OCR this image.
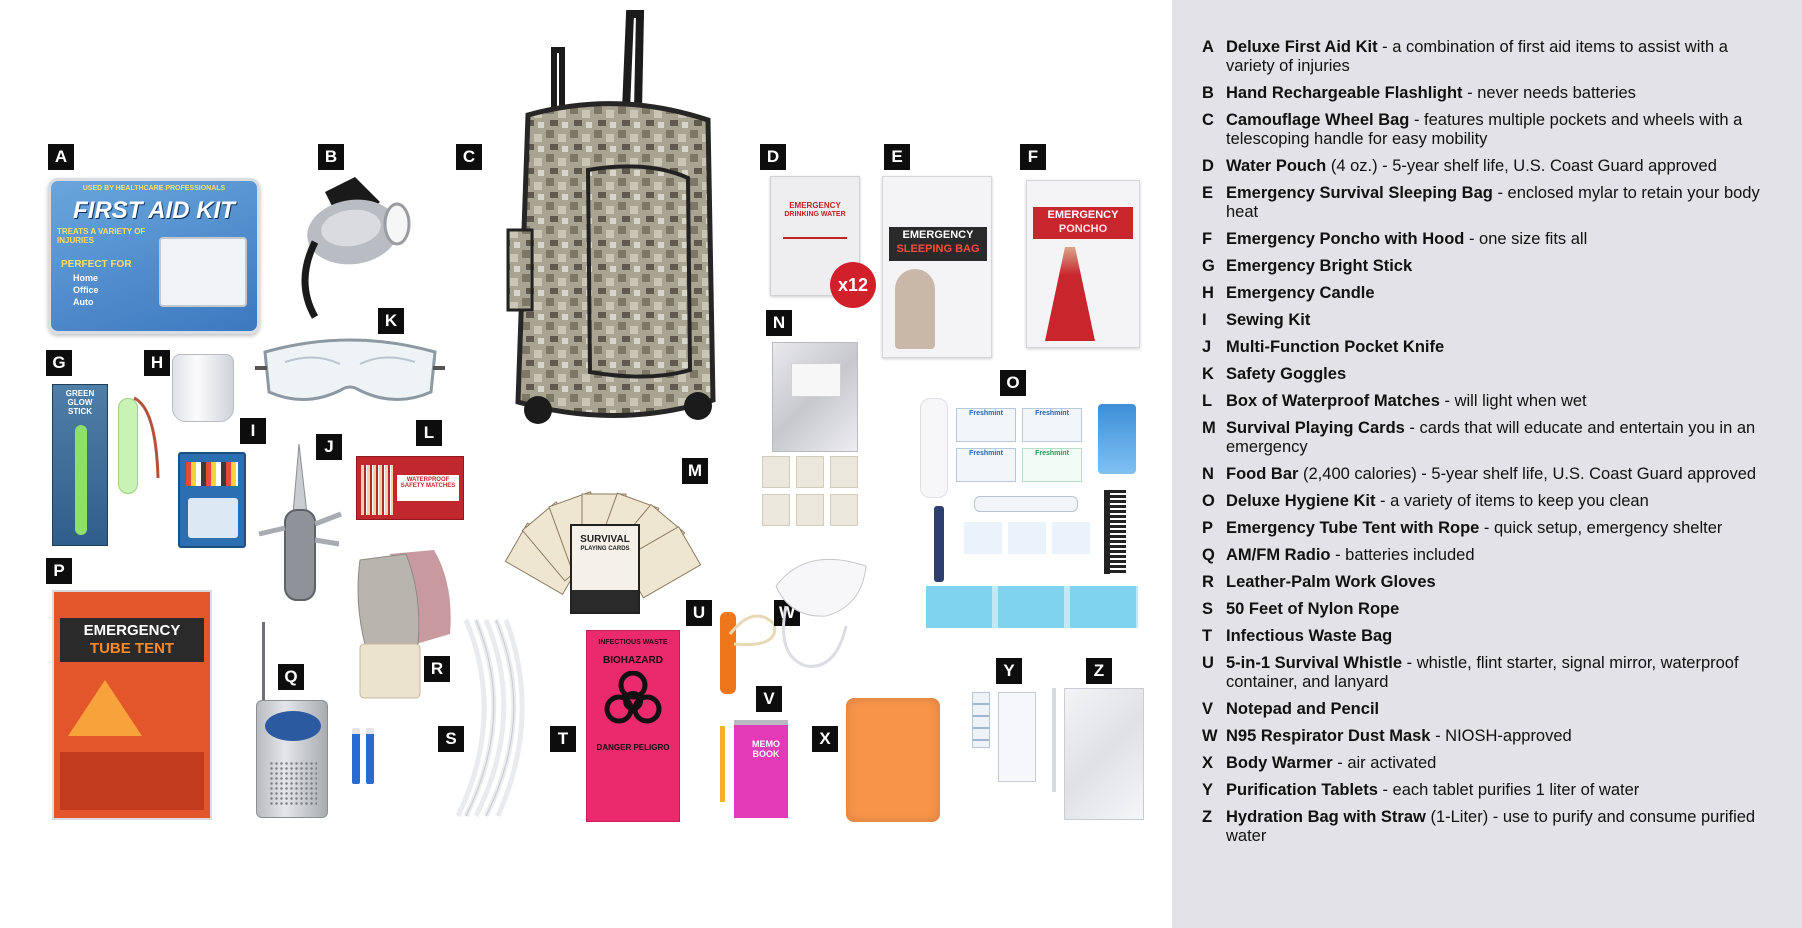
A
USED BY HEALTHCARE PROFESSIONALS
FIRST AID KIT
TREATS A VARIETY OF INJURIES
PERFECT FOR
Home
Office
Auto
B
K
C	D
EMERGENCY
DRINKING WATER
x12
E
EMERGENCY
SLEEPING BAG
F
EMERGENCY
PONCHO
G
GREEN GLOW STICK
H
I
J
L
WATERPROOF SAFETY MATCHES
M
SURVIVAL
PLAYING CARDS
N
O
Freshmint	Freshmint
Freshmint	Freshmint
P
EMERGENCY
TUBE TENT
Q	R
S	T
INFECTIOUS WASTE
BIOHAZARD
DANGER PELIGRO
U	W
V
MEMO BOOK
X
Y	Z
A Deluxe First Aid Kit - a combination of first aid items to assist with a variety of injuries
B Hand Rechargeable Flashlight - never needs batteries
C Camouflage Wheel Bag - features multiple pockets and wheels with a telescoping handle for easy mobility
D Water Pouch (4 oz.) - 5-year shelf life, U.S. Coast Guard approved
E Emergency Survival Sleeping Bag - enclosed mylar to retain your body heat
F Emergency Poncho with Hood - one size fits all
G Emergency Bright Stick
H Emergency Candle
I	Sewing Kit
J Multi-Function Pocket Knife
K Safety Goggles
L Box of Waterproof Matches - will light when wet
M Survival Playing Cards - cards that will educate and entertain you in an emergency
N Food Bar (2,400 calories) - 5-year shelf life, U.S. Coast Guard approved
O Deluxe Hygiene Kit - a variety of items to keep you clean
P Emergency Tube Tent with Rope - quick setup, emergency shelter
Q AM/FM Radio - batteries included
R Leather-Palm Work Gloves
S 50 Feet of Nylon Rope
T Infectious Waste Bag
U 5-in-1 Survival Whistle - whistle, flint starter, signal mirror, waterproof container, and lanyard
V Notepad and Pencil
W N95 Respirator Dust Mask - NIOSH-approved
X Body Warmer - air activated
Y Purification Tablets - each tablet purifies 1 liter of water
Z Hydration Bag with Straw (1-Liter) - use to purify and consume purified water
